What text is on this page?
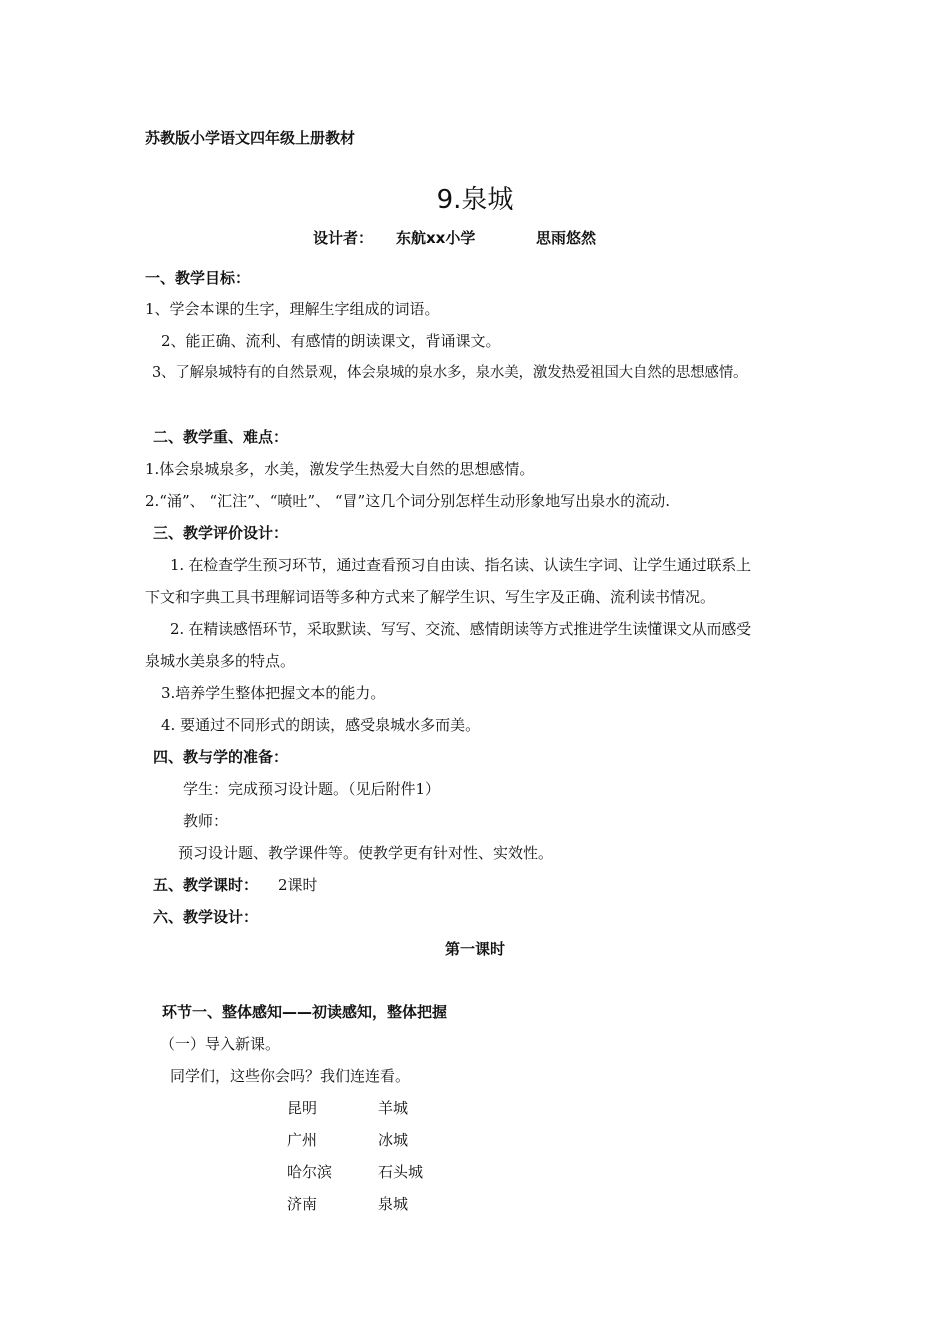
苏教版小学语文四年级上册教材
9.泉城
设计者： 东航xx小学	思雨悠然
一、教学目标：
1、学会本课的生字，理解生字组成的词语。
2、能正确、流利、有感情的朗读课文，背诵课文。
3、了解泉城特有的自然景观，体会泉城的泉水多，泉水美，激发热爱祖国大自然的思想感情。
二、教学重、难点：
1.体会泉城泉多，水美，激发学生热爱大自然的思想感情。
2.“涌”、 “汇注”、“喷吐”、 “冒”这几个词分别怎样生动形象地写出泉水的流动.
三、教学评价设计：
1. 在检查学生预习环节，通过查看预习自由读、指名读、认读生字词、让学生通过联系上
下文和字典工具书理解词语等多种方式来了解学生识、写生字及正确、流利读书情况。
2. 在精读感悟环节，采取默读、写写、交流、感情朗读等方式推进学生读懂课文从而感受
泉城水美泉多的特点。
3.培养学生整体把握文本的能力。
4. 要通过不同形式的朗读，感受泉城水多而美。
四、教与学的准备：
学生：完成预习设计题。（见后附件1）
教师：
预习设计题、教学课件等。使教学更有针对性、实效性。
五、教学课时： 2课时
六、教学设计：
第一课时
环节一、整体感知——初读感知，整体把握
（一）导入新课。
同学们，这些你会吗？我们连连看。
昆明	羊城
广州	冰城
哈尔滨	石头城
济南	泉城
